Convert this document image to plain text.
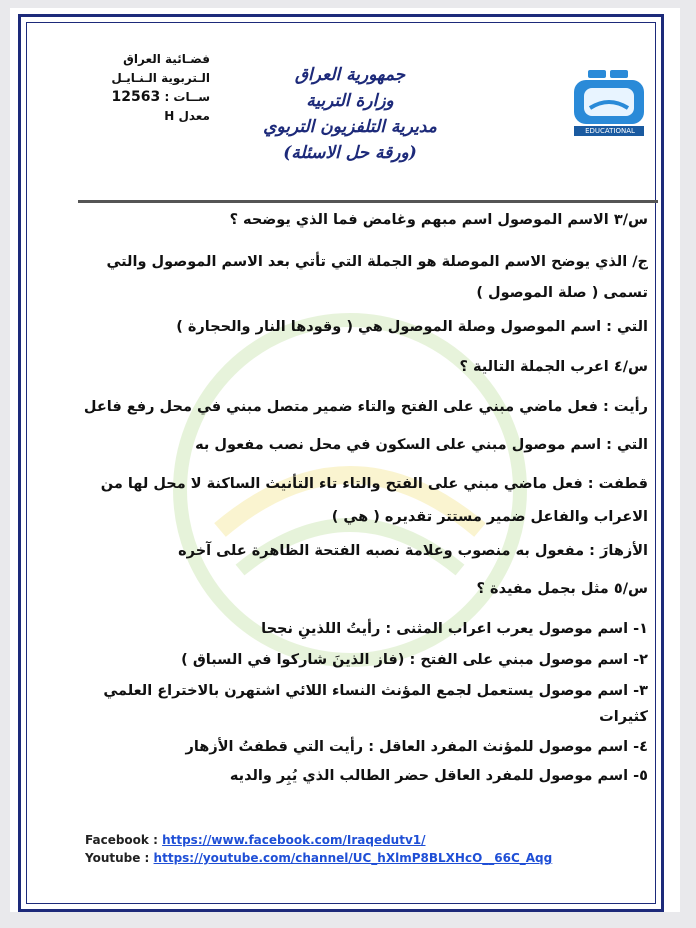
فضـائية العراق
الـتربوية الـنـايـل
ســات : 12563
جمهورية العراق
وزارة التربية
مديرية التلفزيون التربوي
(ورقة حل الاسئلة)
EDUCATIONAL
س/٣ الاسم الموصول اسم مبهم وغامض فما الذي يوضحه ؟
ج/ الذي يوضح الاسم الموصلة هو الجملة التي تأتي بعد الاسم الموصول والتي
تسمى ( صلة الموصول )
التي : اسم الموصول وصلة الموصول هي ( وقودها النار والحجارة )
س/٤ اعرب الجملة التالية ؟
رأيت : فعل ماضي مبني على الفتح والتاء ضمير متصل مبني في محل رفع فاعل
التي : اسم موصول مبني على السكون في محل نصب مفعول به
قطفت : فعل ماضي مبني على الفتح والتاء تاء التأنيث الساكنة لا محل لها من
الاعراب والفاعل ضمير مستتر تقديره ( هي )
الأزهارَ : مفعول به منصوب وعلامة نصبه الفتحة الظاهرة على آخره
س/٥ مثل بجمل مفيدة ؟
١- اسم موصول يعرب اعراب المثنى : رأيتُ اللذينِ نجحا
٢- اسم موصول مبني على الفتح : (فاز الذينَ شاركوا في السباق )
٣- اسم موصول يستعمل لجمع المؤنث النساء اللائي اشتهرن بالاختراع العلمي
كثيرات
٤- اسم موصول للمؤنث المفرد العاقل : رأيت التي قطفتُ الأزهار
٥- اسم موصول للمفرد العاقل حضر الطالب الذي يُبِر والديه
Facebook : https://www.facebook.com/Iraqedutv1/
Youtube : https://youtube.com/channel/UC_hXlmP8BLXHcO__66C_Aqg
